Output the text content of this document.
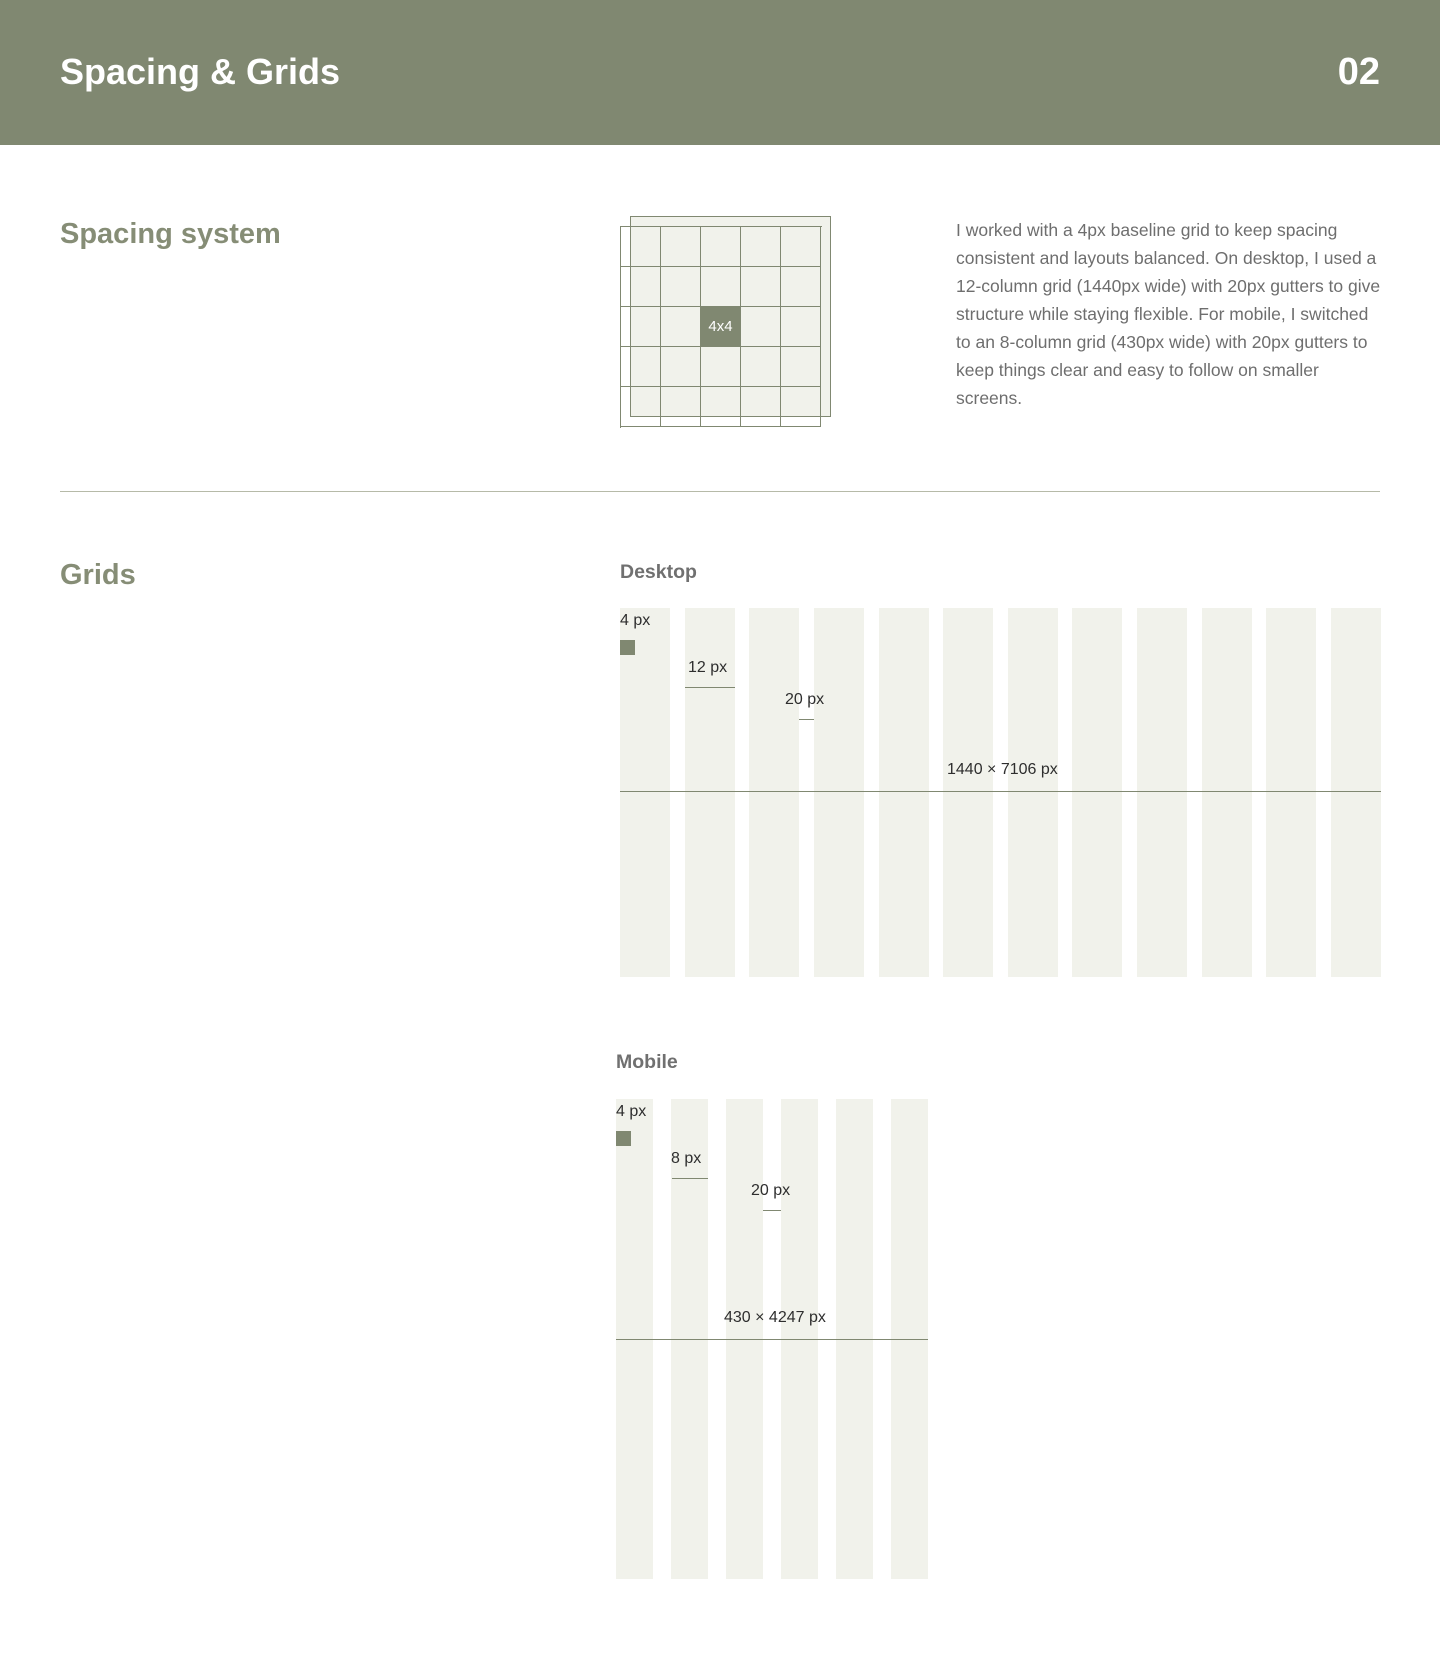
Spacing & Grids	02
Spacing system
4x4

I worked with a 4px baseline grid to keep spacing consistent and layouts balanced. On desktop, I used a 12-column grid (1440px wide) with 20px gutters to give structure while staying flexible. For mobile, I switched to an 8-column grid (430px wide) with 20px gutters to keep things clear and easy to follow on smaller screens.

Grids	Desktop
4 px
12 px
20 px
1440 × 7106 px
Mobile
4 px
8 px
20 px
430 × 4247 px
